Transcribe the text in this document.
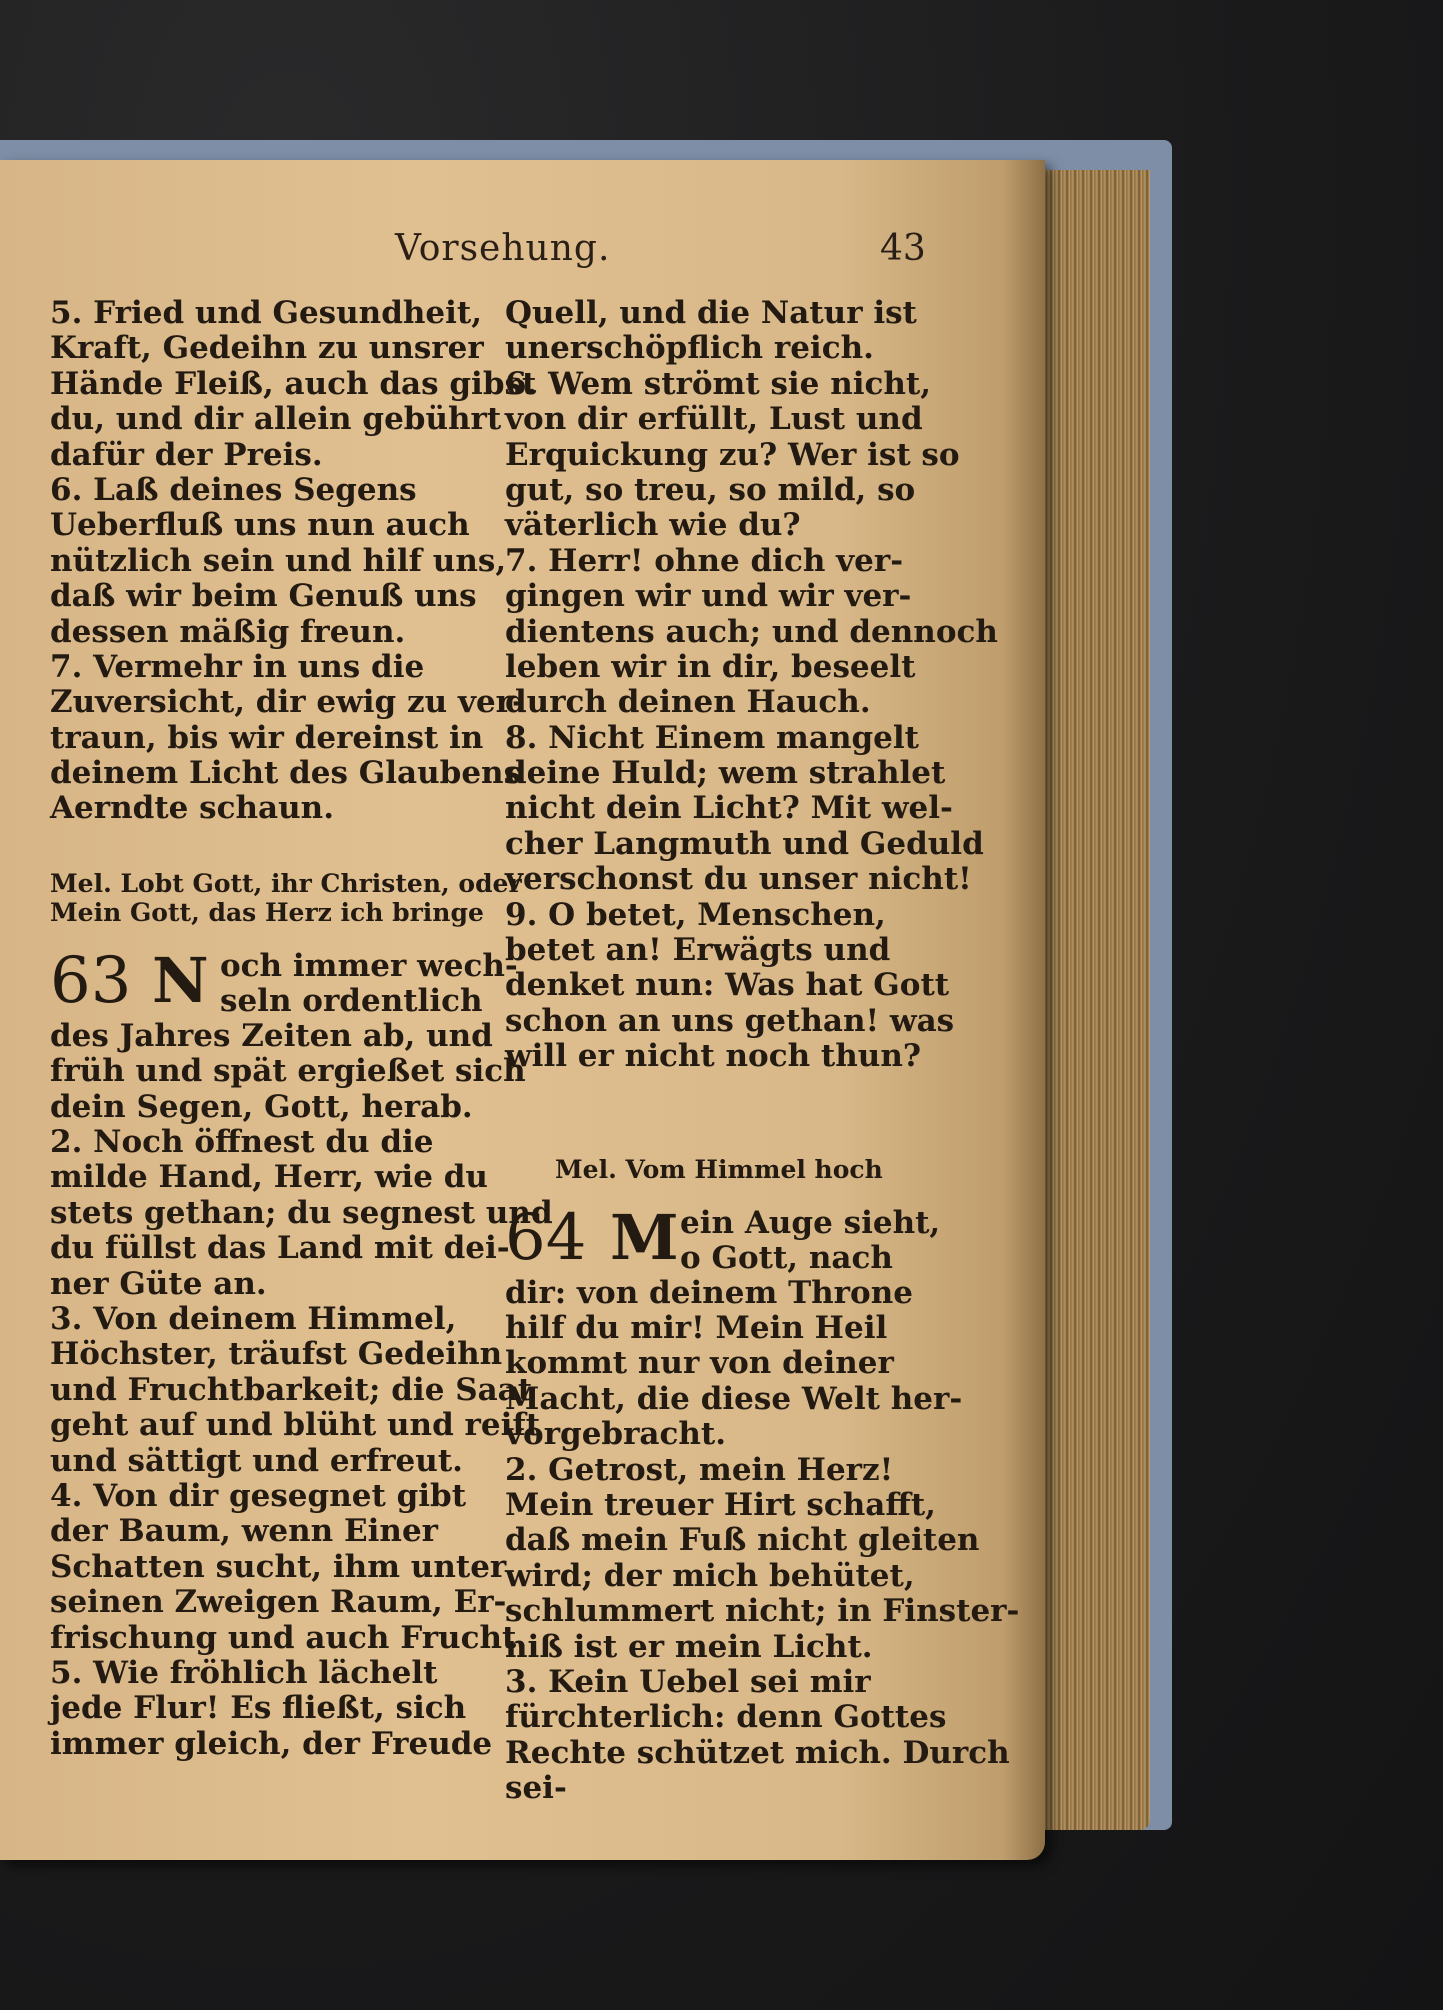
Vorsehung.	43
5. Fried und Gesundheit,
Kraft, Gedeihn zu unsrer
Hände Fleiß, auch das gibst
du, und dir allein gebührt
dafür der Preis.
6. Laß deines Segens
Ueberfluß uns nun auch
nützlich sein und hilf uns,
daß wir beim Genuß uns
dessen mäßig freun.
7. Vermehr in uns die
Zuversicht, dir ewig zu ver-
traun, bis wir dereinst in
deinem Licht des Glaubens
Aerndte schaun.
Mel. Lobt Gott, ihr Christen, oder
Mein Gott, das Herz ich bringe
63 N och immer wech-
seln ordentlich
des Jahres Zeiten ab, und
früh und spät ergießet sich
dein Segen, Gott, herab.
2. Noch öffnest du die
milde Hand, Herr, wie du
stets gethan; du segnest und
du füllst das Land mit dei-
ner Güte an.
3. Von deinem Himmel,
Höchster, träufst Gedeihn
und Fruchtbarkeit; die Saat
geht auf und blüht und reift
und sättigt und erfreut.
4. Von dir gesegnet gibt
der Baum, wenn Einer
Schatten sucht, ihm unter
seinen Zweigen Raum, Er-
frischung und auch Frucht.
5. Wie fröhlich lächelt
jede Flur! Es fließt, sich
immer gleich, der Freude
Quell, und die Natur ist
unerschöpflich reich.
6. Wem strömt sie nicht,
von dir erfüllt, Lust und
Erquickung zu? Wer ist so
gut, so treu, so mild, so
väterlich wie du?
7. Herr! ohne dich ver-
gingen wir und wir ver-
dientens auch; und dennoch
leben wir in dir, beseelt
durch deinen Hauch.
8. Nicht Einem mangelt
deine Huld; wem strahlet
nicht dein Licht? Mit wel-
cher Langmuth und Geduld
verschonst du unser nicht!
9. O betet, Menschen,
betet an! Erwägts und
denket nun: Was hat Gott
schon an uns gethan! was
will er nicht noch thun?
Mel. Vom Himmel hoch
64 M ein Auge sieht,
o Gott, nach
dir: von deinem Throne
hilf du mir! Mein Heil
kommt nur von deiner
Macht, die diese Welt her-
vorgebracht.
2. Getrost, mein Herz!
Mein treuer Hirt schafft,
daß mein Fuß nicht gleiten
wird; der mich behütet,
schlummert nicht; in Finster-
niß ist er mein Licht.
3. Kein Uebel sei mir
fürchterlich: denn Gottes
Rechte schützet mich. Durch
sei-
